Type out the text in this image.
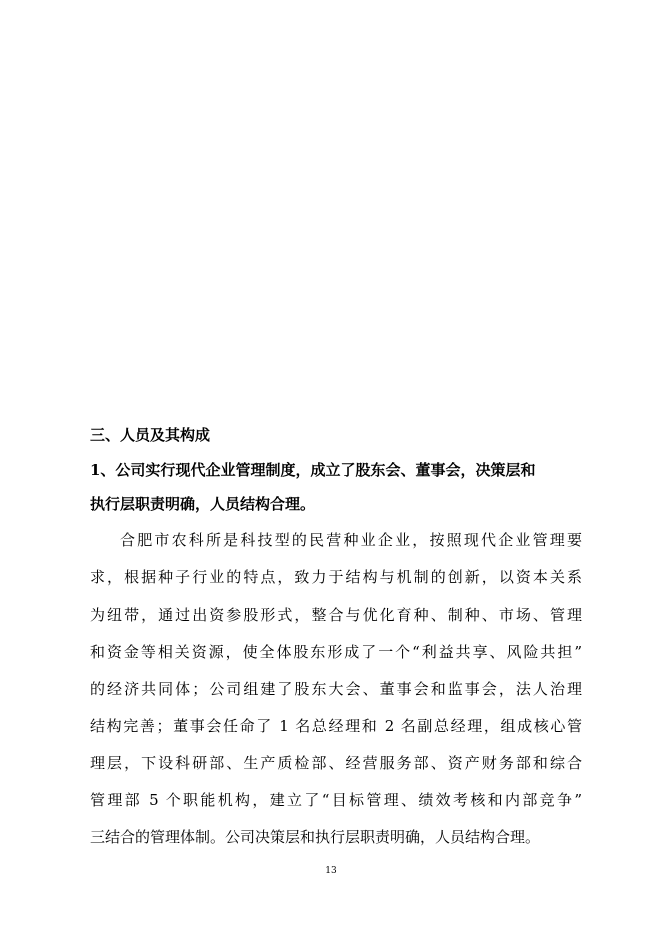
三、人员及其构成
1、公司实行现代企业管理制度，成立了股东会、董事会，决策层和
执行层职责明确，人员结构合理。
合肥市农科所是科技型的民营种业企业，按照现代企业管理要
求，根据种子行业的特点，致力于结构与机制的创新，以资本关系
为纽带，通过出资参股形式，整合与优化育种、制种、市场、管理
和资金等相关资源，使全体股东形成了一个“利益共享、风险共担”
的经济共同体；公司组建了股东大会、董事会和监事会，法人治理
结构完善；董事会任命了 1 名总经理和 2 名副总经理，组成核心管
理层，下设科研部、生产质检部、经营服务部、资产财务部和综合
管理部 5 个职能机构，建立了“目标管理、绩效考核和内部竞争”
三结合的管理体制。公司决策层和执行层职责明确，人员结构合理。
13
